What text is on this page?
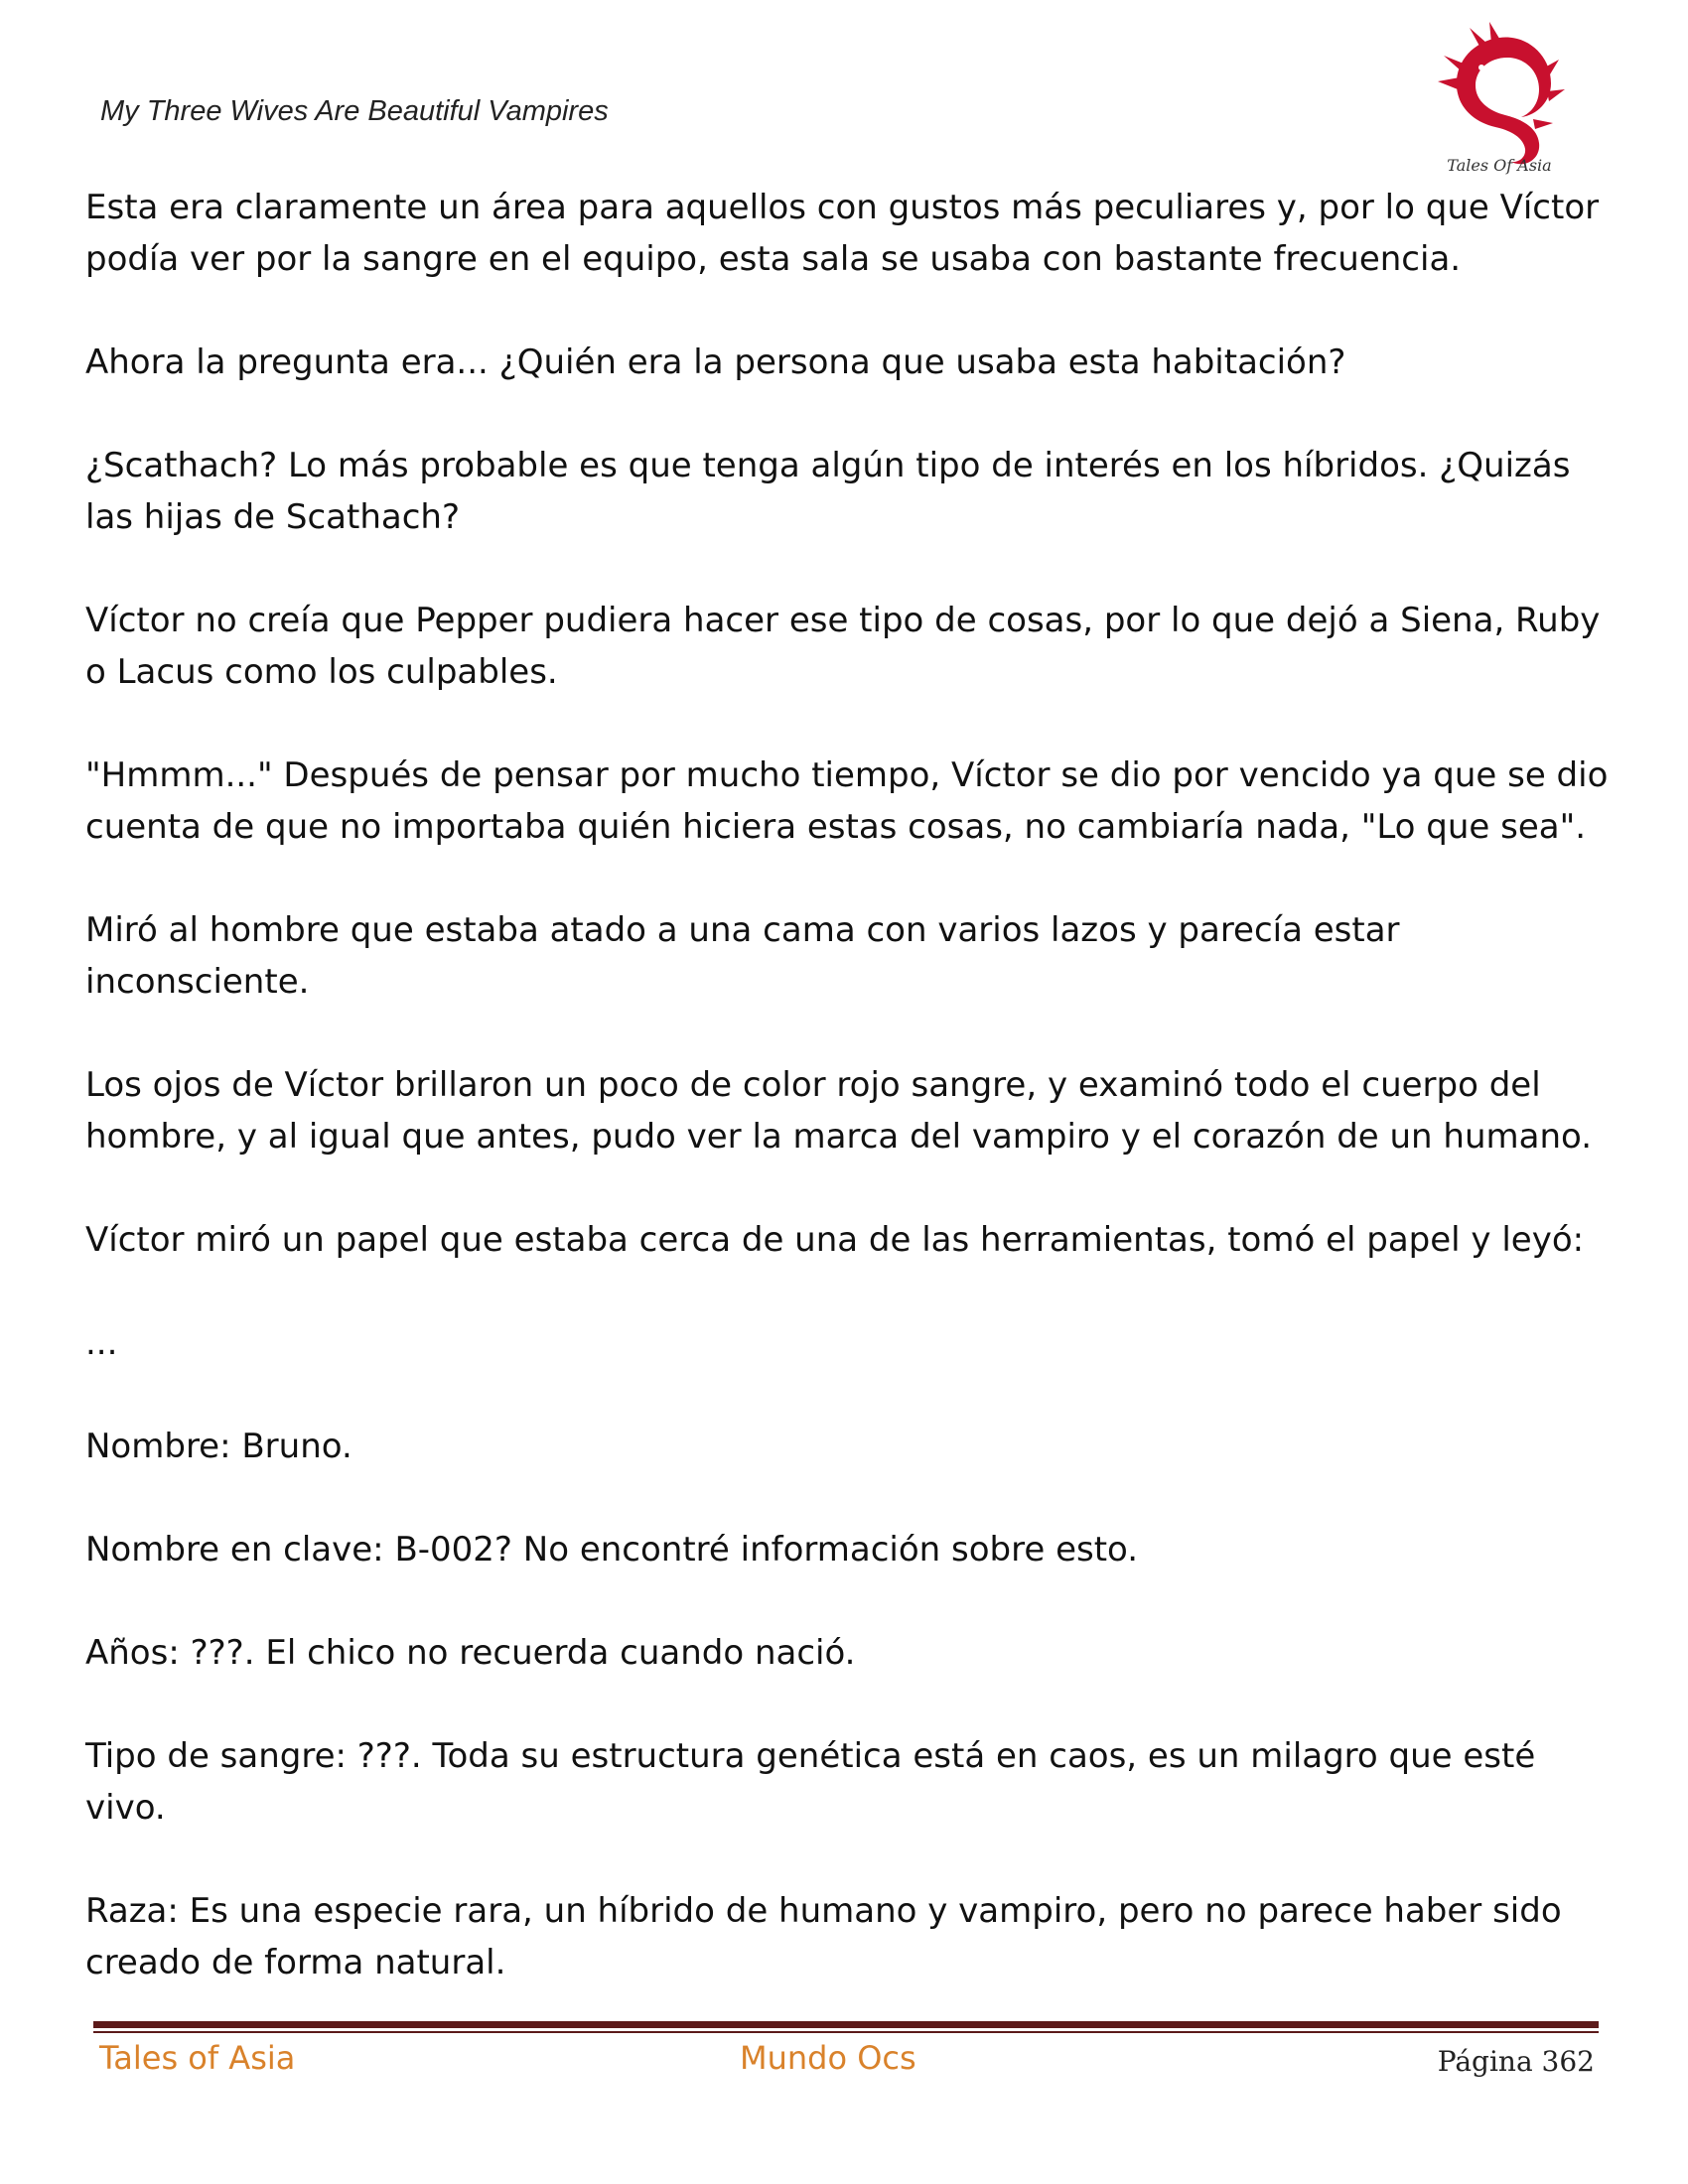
My Three Wives Are Beautiful Vampires
Tales Of Asia

Esta era claramente un área para aquellos con gustos más peculiares y, por lo que Víctor podía ver por la sangre en el equipo, esta sala se usaba con bastante frecuencia.

Ahora la pregunta era... ¿Quién era la persona que usaba esta habitación?

¿Scathach? Lo más probable es que tenga algún tipo de interés en los híbridos. ¿Quizás las hijas de Scathach?

Víctor no creía que Pepper pudiera hacer ese tipo de cosas, por lo que dejó a Siena, Ruby o Lacus como los culpables.

"Hmmm..." Después de pensar por mucho tiempo, Víctor se dio por vencido ya que se dio cuenta de que no importaba quién hiciera estas cosas, no cambiaría nada, "Lo que sea".

Miró al hombre que estaba atado a una cama con varios lazos y parecía estar inconsciente.

Los ojos de Víctor brillaron un poco de color rojo sangre, y examinó todo el cuerpo del hombre, y al igual que antes, pudo ver la marca del vampiro y el corazón de un humano.

Víctor miró un papel que estaba cerca de una de las herramientas, tomó el papel y leyó:

...

Nombre: Bruno.

Nombre en clave: B-002? No encontré información sobre esto.

Años: ???. El chico no recuerda cuando nació.

Tipo de sangre: ???. Toda su estructura genética está en caos, es un milagro que esté vivo.

Raza: Es una especie rara, un híbrido de humano y vampiro, pero no parece haber sido creado de forma natural.

Tales of Asia	Mundo Ocs	Página 362
